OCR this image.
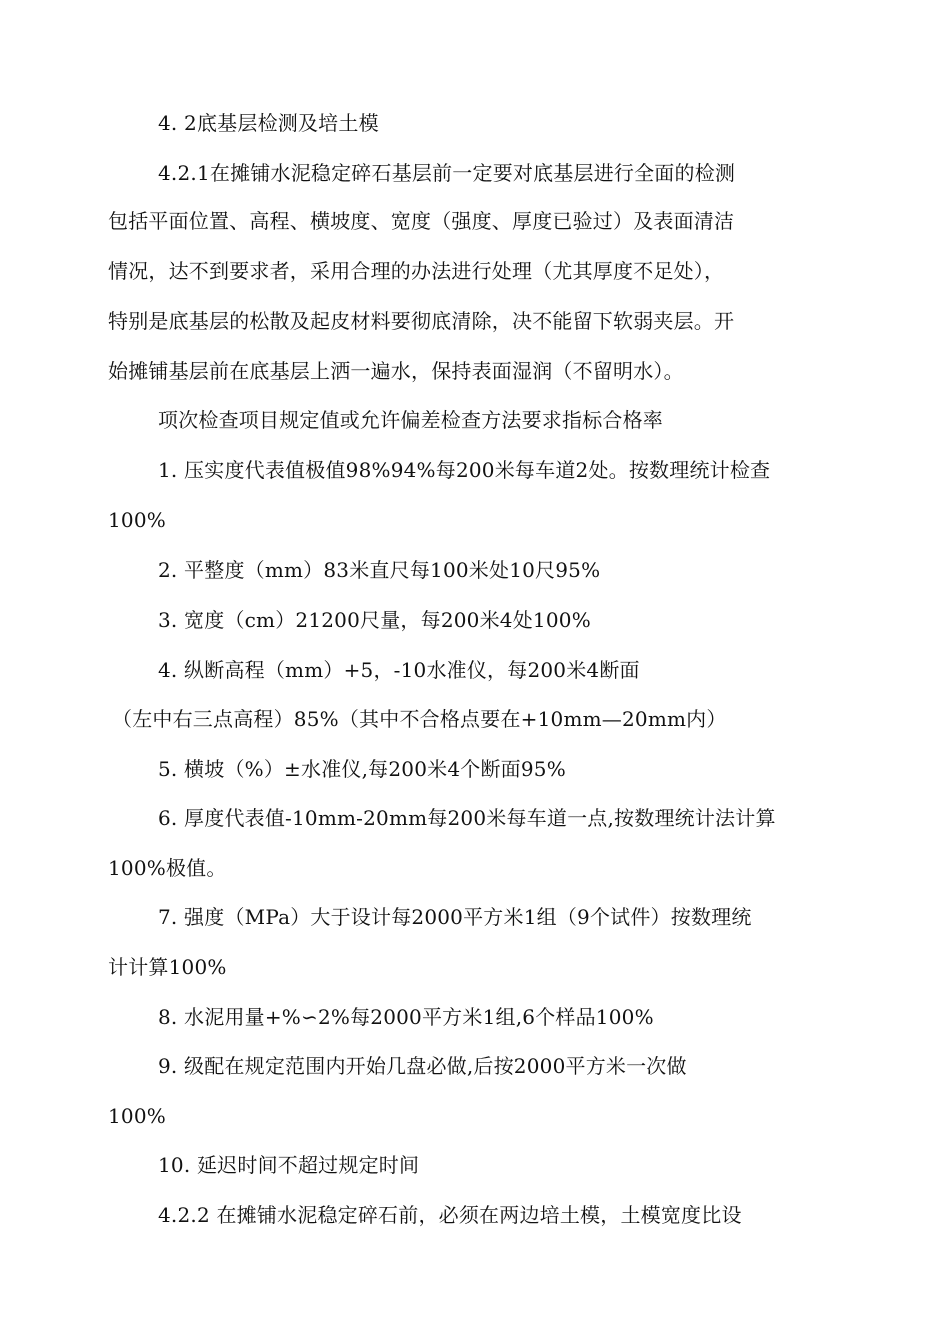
4. 2底基层检测及培土模
4.2.1在摊铺水泥稳定碎石基层前一定要对底基层进行全面的检测
包括平面位置、高程、横坡度、宽度（强度、厚度已验过）及表面清洁
情况，达不到要求者，采用合理的办法进行处理（尤其厚度不足处），
特别是底基层的松散及起皮材料要彻底清除，决不能留下软弱夹层。开
始摊铺基层前在底基层上洒一遍水，保持表面湿润（不留明水）。
项次检查项目规定值或允许偏差检查方法要求指标合格率
1. 压实度代表值极值98%94%每200米每车道2处。按数理统计检查
100%
2. 平整度（mm）83米直尺每100米处10尺95%
3. 宽度（cm）21200尺量，每200米4处100%
4. 纵断高程（mm）+5，-10水准仪，每200米4断面
（左中右三点高程）85%（其中不合格点要在+10mm—20mm内）
5. 横坡（%）±水准仪,每200米4个断面95%
6. 厚度代表值-10mm-20mm每200米每车道一点,按数理统计法计算
100%极值。
7. 强度（MPa）大于设计每2000平方米1组（9个试件）按数理统
计计算100%
8. 水泥用量+%∽2%每2000平方米1组,6个样品100%
9. 级配在规定范围内开始几盘必做,后按2000平方米一次做
100%
10. 延迟时间不超过规定时间
4.2.2 在摊铺水泥稳定碎石前，必须在两边培土模，土模宽度比设
